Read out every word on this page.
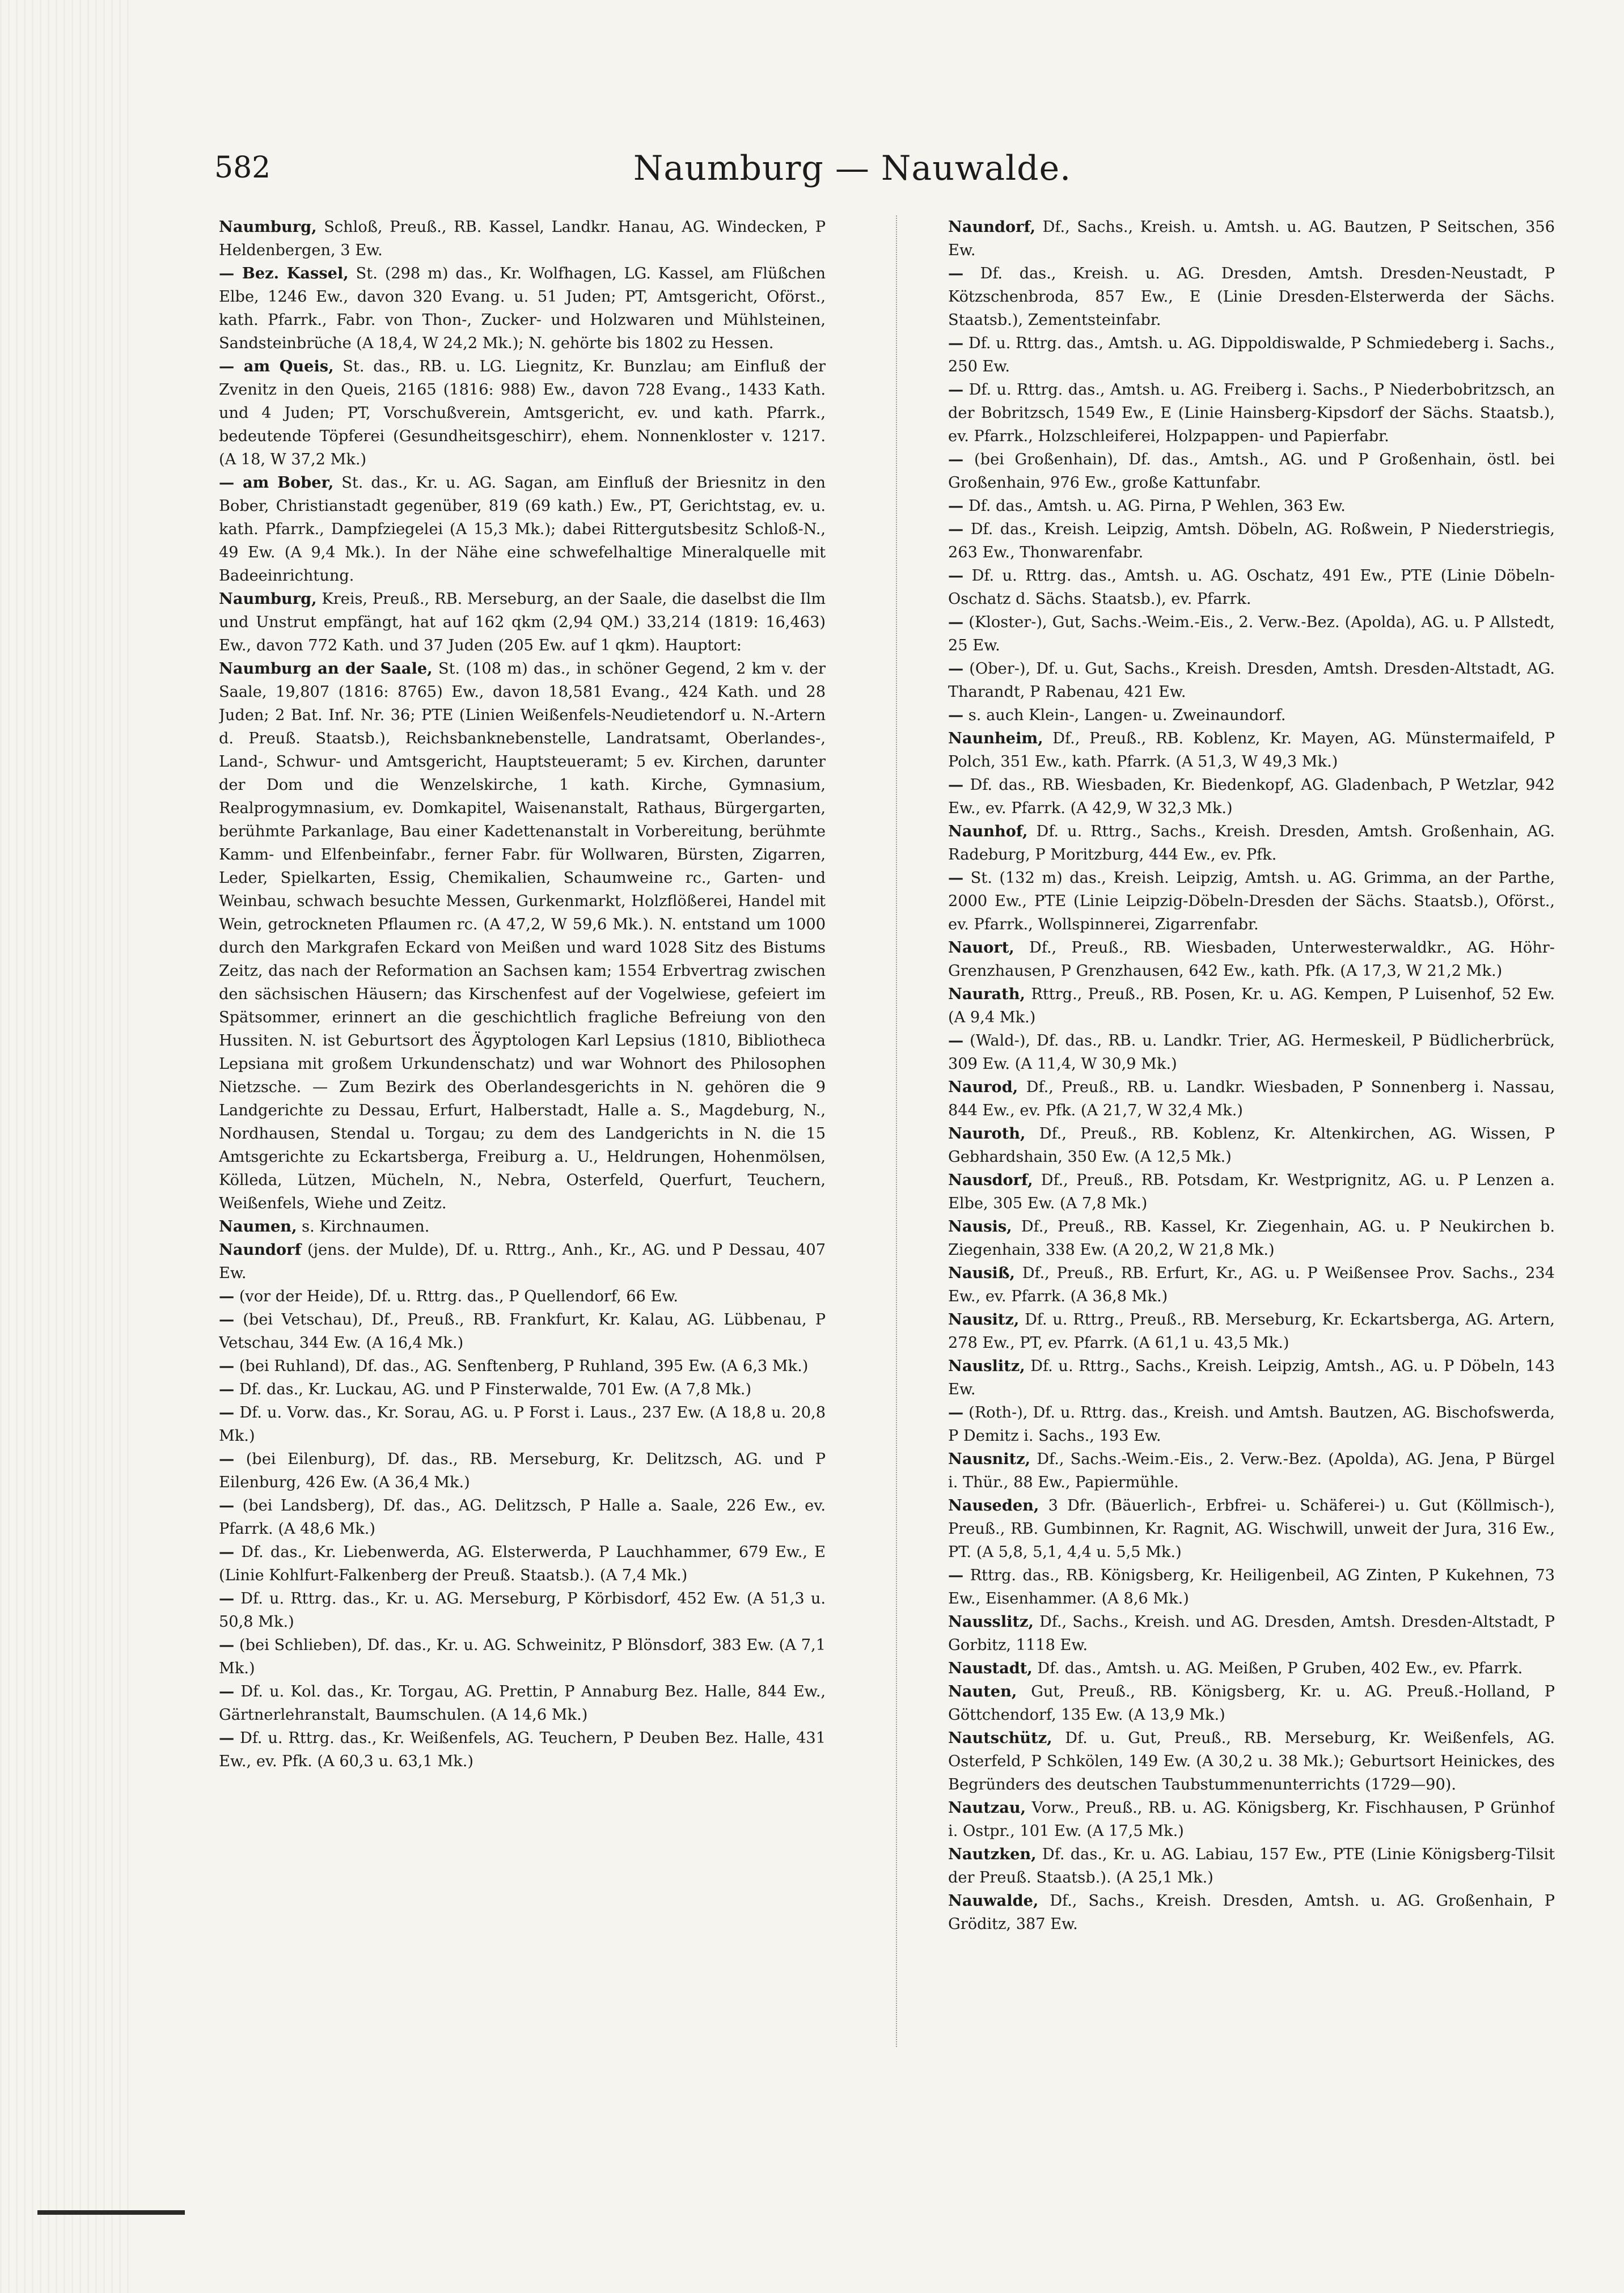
582	Naumburg — Nauwalde.

Naumburg, Schloß, Preuß., RB. Kassel, Landkr. Hanau, AG. Windecken, P Heldenbergen, 3 Ew.

— Bez. Kassel, St. (298 m) das., Kr. Wolfhagen, LG. Kassel, am Flüßchen Elbe, 1246 Ew., davon 320 Evang. u. 51 Juden; PT, Amtsgericht, Oförst., kath. Pfarrk., Fabr. von Thon-, Zucker- und Holzwaren und Mühlsteinen, Sandsteinbrüche (A 18,4, W 24,2 Mk.); N. gehörte bis 1802 zu Hessen.

— am Queis, St. das., RB. u. LG. Liegnitz, Kr. Bunzlau; am Einfluß der Zvenitz in den Queis, 2165 (1816: 988) Ew., davon 728 Evang., 1433 Kath. und 4 Juden; PT, Vorschußverein, Amtsgericht, ev. und kath. Pfarrk., bedeutende Töpferei (Gesundheitsgeschirr), ehem. Nonnenkloster v. 1217. (A 18, W 37,2 Mk.)

— am Bober, St. das., Kr. u. AG. Sagan, am Einfluß der Briesnitz in den Bober, Christianstadt gegenüber, 819 (69 kath.) Ew., PT, Gerichtstag, ev. u. kath. Pfarrk., Dampfziegelei (A 15,3 Mk.); dabei Rittergutsbesitz Schloß-N., 49 Ew. (A 9,4 Mk.). In der Nähe eine schwefelhaltige Mineralquelle mit Badeeinrichtung.

Naumburg, Kreis, Preuß., RB. Merseburg, an der Saale, die daselbst die Ilm und Unstrut empfängt, hat auf 162 qkm (2,94 QM.) 33,214 (1819: 16,463) Ew., davon 772 Kath. und 37 Juden (205 Ew. auf 1 qkm). Hauptort:

Naumburg an der Saale, St. (108 m) das., in schöner Gegend, 2 km v. der Saale, 19,807 (1816: 8765) Ew., davon 18,581 Evang., 424 Kath. und 28 Juden; 2 Bat. Inf. Nr. 36; PTE (Linien Weißenfels-Neudietendorf u. N.-Artern d. Preuß. Staatsb.), Reichsbanknebenstelle, Landratsamt, Oberlandes-, Land-, Schwur- und Amtsgericht, Hauptsteueramt; 5 ev. Kirchen, darunter der Dom und die Wenzelskirche, 1 kath. Kirche, Gymnasium, Realprogymnasium, ev. Domkapitel, Waisenanstalt, Rathaus, Bürgergarten, berühmte Parkanlage, Bau einer Kadettenanstalt in Vorbereitung, berühmte Kamm- und Elfenbeinfabr., ferner Fabr. für Wollwaren, Bürsten, Zigarren, Leder, Spielkarten, Essig, Chemikalien, Schaumweine rc., Garten- und Weinbau, schwach besuchte Messen, Gurkenmarkt, Holzflößerei, Handel mit Wein, getrockneten Pflaumen rc. (A 47,2, W 59,6 Mk.). N. entstand um 1000 durch den Markgrafen Eckard von Meißen und ward 1028 Sitz des Bistums Zeitz, das nach der Reformation an Sachsen kam; 1554 Erbvertrag zwischen den sächsischen Häusern; das Kirschenfest auf der Vogelwiese, gefeiert im Spätsommer, erinnert an die geschichtlich fragliche Befreiung von den Hussiten. N. ist Geburtsort des Ägyptologen Karl Lepsius (1810, Bibliotheca Lepsiana mit großem Urkundenschatz) und war Wohnort des Philosophen Nietzsche. — Zum Bezirk des Oberlandesgerichts in N. gehören die 9 Landgerichte zu Dessau, Erfurt, Halberstadt, Halle a. S., Magdeburg, N., Nordhausen, Stendal u. Torgau; zu dem des Landgerichts in N. die 15 Amtsgerichte zu Eckartsberga, Freiburg a. U., Heldrungen, Hohenmölsen, Kölleda, Lützen, Mücheln, N., Nebra, Osterfeld, Querfurt, Teuchern, Weißenfels, Wiehe und Zeitz.

Naumen, s. Kirchnaumen.

Naundorf (jens. der Mulde), Df. u. Rttrg., Anh., Kr., AG. und P Dessau, 407 Ew.

— (vor der Heide), Df. u. Rttrg. das., P Quellendorf, 66 Ew.

— (bei Vetschau), Df., Preuß., RB. Frankfurt, Kr. Kalau, AG. Lübbenau, P Vetschau, 344 Ew. (A 16,4 Mk.)

— (bei Ruhland), Df. das., AG. Senftenberg, P Ruhland, 395 Ew. (A 6,3 Mk.)

— Df. das., Kr. Luckau, AG. und P Finsterwalde, 701 Ew. (A 7,8 Mk.)

— Df. u. Vorw. das., Kr. Sorau, AG. u. P Forst i. Laus., 237 Ew. (A 18,8 u. 20,8 Mk.)

— (bei Eilenburg), Df. das., RB. Merseburg, Kr. Delitzsch, AG. und P Eilenburg, 426 Ew. (A 36,4 Mk.)

— (bei Landsberg), Df. das., AG. Delitzsch, P Halle a. Saale, 226 Ew., ev. Pfarrk. (A 48,6 Mk.)

— Df. das., Kr. Liebenwerda, AG. Elsterwerda, P Lauchhammer, 679 Ew., E (Linie Kohlfurt-Falkenberg der Preuß. Staatsb.). (A 7,4 Mk.)

— Df. u. Rttrg. das., Kr. u. AG. Merseburg, P Körbisdorf, 452 Ew. (A 51,3 u. 50,8 Mk.)

— (bei Schlieben), Df. das., Kr. u. AG. Schweinitz, P Blönsdorf, 383 Ew. (A 7,1 Mk.)

— Df. u. Kol. das., Kr. Torgau, AG. Prettin, P Annaburg Bez. Halle, 844 Ew., Gärtnerlehranstalt, Baumschulen. (A 14,6 Mk.)

— Df. u. Rttrg. das., Kr. Weißenfels, AG. Teuchern, P Deuben Bez. Halle, 431 Ew., ev. Pfk. (A 60,3 u. 63,1 Mk.)

Naundorf, Df., Sachs., Kreish. u. Amtsh. u. AG. Bautzen, P Seitschen, 356 Ew.

— Df. das., Kreish. u. AG. Dresden, Amtsh. Dresden-Neustadt, P Kötzschenbroda, 857 Ew., E (Linie Dresden-Elsterwerda der Sächs. Staatsb.), Zementsteinfabr.

— Df. u. Rttrg. das., Amtsh. u. AG. Dippoldiswalde, P Schmiedeberg i. Sachs., 250 Ew.

— Df. u. Rttrg. das., Amtsh. u. AG. Freiberg i. Sachs., P Niederbobritzsch, an der Bobritzsch, 1549 Ew., E (Linie Hainsberg-Kipsdorf der Sächs. Staatsb.), ev. Pfarrk., Holzschleiferei, Holzpappen- und Papierfabr.

— (bei Großenhain), Df. das., Amtsh., AG. und P Großenhain, östl. bei Großenhain, 976 Ew., große Kattunfabr.

— Df. das., Amtsh. u. AG. Pirna, P Wehlen, 363 Ew.

— Df. das., Kreish. Leipzig, Amtsh. Döbeln, AG. Roßwein, P Niederstriegis, 263 Ew., Thonwarenfabr.

— Df. u. Rttrg. das., Amtsh. u. AG. Oschatz, 491 Ew., PTE (Linie Döbeln-Oschatz d. Sächs. Staatsb.), ev. Pfarrk.

— (Kloster-), Gut, Sachs.-Weim.-Eis., 2. Verw.-Bez. (Apolda), AG. u. P Allstedt, 25 Ew.

— (Ober-), Df. u. Gut, Sachs., Kreish. Dresden, Amtsh. Dresden-Altstadt, AG. Tharandt, P Rabenau, 421 Ew.

— s. auch Klein-, Langen- u. Zweinaundorf.

Naunheim, Df., Preuß., RB. Koblenz, Kr. Mayen, AG. Münstermaifeld, P Polch, 351 Ew., kath. Pfarrk. (A 51,3, W 49,3 Mk.)

— Df. das., RB. Wiesbaden, Kr. Biedenkopf, AG. Gladenbach, P Wetzlar, 942 Ew., ev. Pfarrk. (A 42,9, W 32,3 Mk.)

Naunhof, Df. u. Rttrg., Sachs., Kreish. Dresden, Amtsh. Großenhain, AG. Radeburg, P Moritzburg, 444 Ew., ev. Pfk.

— St. (132 m) das., Kreish. Leipzig, Amtsh. u. AG. Grimma, an der Parthe, 2000 Ew., PTE (Linie Leipzig-Döbeln-Dresden der Sächs. Staatsb.), Oförst., ev. Pfarrk., Wollspinnerei, Zigarrenfabr.

Nauort, Df., Preuß., RB. Wiesbaden, Unterwesterwaldkr., AG. Höhr-Grenzhausen, P Grenzhausen, 642 Ew., kath. Pfk. (A 17,3, W 21,2 Mk.)

Naurath, Rttrg., Preuß., RB. Posen, Kr. u. AG. Kempen, P Luisenhof, 52 Ew. (A 9,4 Mk.)

— (Wald-), Df. das., RB. u. Landkr. Trier, AG. Hermeskeil, P Büdlicherbrück, 309 Ew. (A 11,4, W 30,9 Mk.)

Naurod, Df., Preuß., RB. u. Landkr. Wiesbaden, P Sonnenberg i. Nassau, 844 Ew., ev. Pfk. (A 21,7, W 32,4 Mk.)

Nauroth, Df., Preuß., RB. Koblenz, Kr. Altenkirchen, AG. Wissen, P Gebhardshain, 350 Ew. (A 12,5 Mk.)

Nausdorf, Df., Preuß., RB. Potsdam, Kr. Westprignitz, AG. u. P Lenzen a. Elbe, 305 Ew. (A 7,8 Mk.)

Nausis, Df., Preuß., RB. Kassel, Kr. Ziegenhain, AG. u. P Neukirchen b. Ziegenhain, 338 Ew. (A 20,2, W 21,8 Mk.)

Nausiß, Df., Preuß., RB. Erfurt, Kr., AG. u. P Weißensee Prov. Sachs., 234 Ew., ev. Pfarrk. (A 36,8 Mk.)

Nausitz, Df. u. Rttrg., Preuß., RB. Merseburg, Kr. Eckartsberga, AG. Artern, 278 Ew., PT, ev. Pfarrk. (A 61,1 u. 43,5 Mk.)

Nauslitz, Df. u. Rttrg., Sachs., Kreish. Leipzig, Amtsh., AG. u. P Döbeln, 143 Ew.

— (Roth-), Df. u. Rttrg. das., Kreish. und Amtsh. Bautzen, AG. Bischofswerda, P Demitz i. Sachs., 193 Ew.

Nausnitz, Df., Sachs.-Weim.-Eis., 2. Verw.-Bez. (Apolda), AG. Jena, P Bürgel i. Thür., 88 Ew., Papiermühle.

Nauseden, 3 Dfr. (Bäuerlich-, Erbfrei- u. Schäferei-) u. Gut (Köllmisch-), Preuß., RB. Gumbinnen, Kr. Ragnit, AG. Wischwill, unweit der Jura, 316 Ew., PT. (A 5,8, 5,1, 4,4 u. 5,5 Mk.)

— Rttrg. das., RB. Königsberg, Kr. Heiligenbeil, AG Zinten, P Kukehnen, 73 Ew., Eisenhammer. (A 8,6 Mk.)

Nausslitz, Df., Sachs., Kreish. und AG. Dresden, Amtsh. Dresden-Altstadt, P Gorbitz, 1118 Ew.

Naustadt, Df. das., Amtsh. u. AG. Meißen, P Gruben, 402 Ew., ev. Pfarrk.

Nauten, Gut, Preuß., RB. Königsberg, Kr. u. AG. Preuß.-Holland, P Göttchendorf, 135 Ew. (A 13,9 Mk.)

Nautschütz, Df. u. Gut, Preuß., RB. Merseburg, Kr. Weißenfels, AG. Osterfeld, P Schkölen, 149 Ew. (A 30,2 u. 38 Mk.); Geburtsort Heinickes, des Begründers des deutschen Taubstummenunterrichts (1729—90).

Nautzau, Vorw., Preuß., RB. u. AG. Königsberg, Kr. Fischhausen, P Grünhof i. Ostpr., 101 Ew. (A 17,5 Mk.)

Nautzken, Df. das., Kr. u. AG. Labiau, 157 Ew., PTE (Linie Königsberg-Tilsit der Preuß. Staatsb.). (A 25,1 Mk.)

Nauwalde, Df., Sachs., Kreish. Dresden, Amtsh. u. AG. Großenhain, P Gröditz, 387 Ew.
